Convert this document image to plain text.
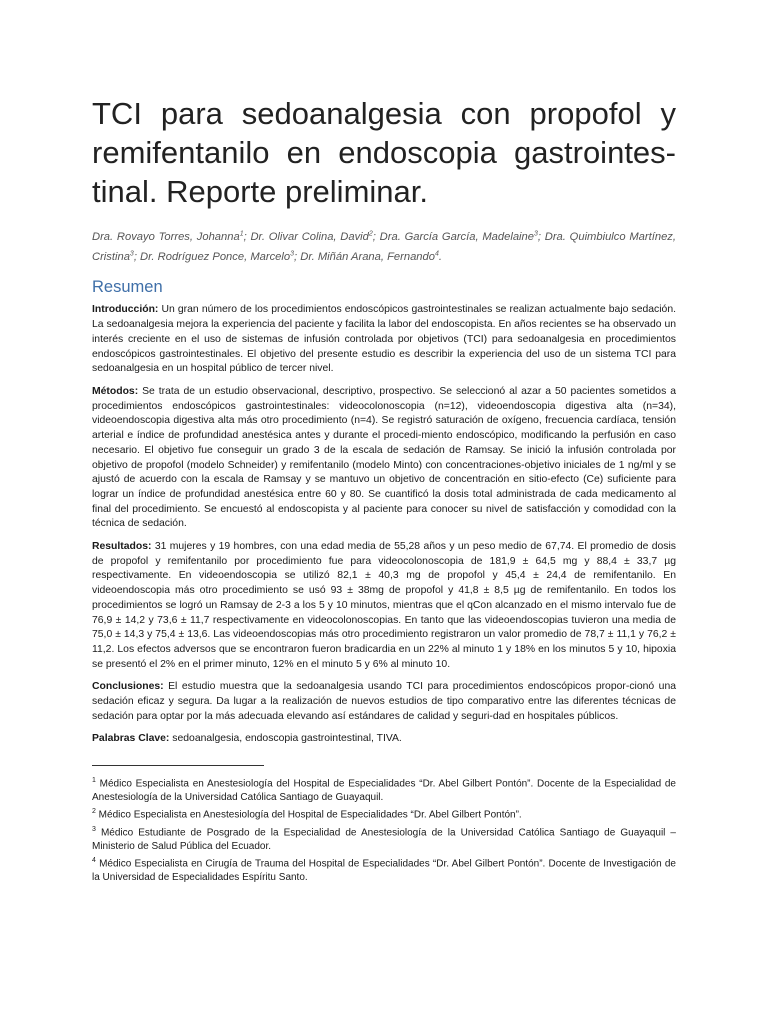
TCI para sedoanalgesia con propofol y remifentanilo en endoscopia gastrointes-tinal. Reporte preliminar.

Dra. Rovayo Torres, Johanna$^1$; Dr. Olivar Colina, David$^2$; Dra. García García, Madelaine$^3$; Dra. Quimbiulco Martínez, Cristina$^3$; Dr. Rodríguez Ponce, Marcelo$^3$; Dr. Miñán Arana, Fernando$^4$.

Resumen

Introducción: Un gran número de los procedimientos endoscópicos gastrointestinales se realizan actualmente bajo sedación. La sedoanalgesia mejora la experiencia del paciente y facilita la labor del endoscopista. En años recientes se ha observado un interés creciente en el uso de sistemas de infusión controlada por objetivos (TCI) para sedoanalgesia en procedimientos endoscópicos gastrointestinales. El objetivo del presente estudio es describir la experiencia del uso de un sistema TCI para sedoanalgesia en un hospital público de tercer nivel.

Métodos: Se trata de un estudio observacional, descriptivo, prospectivo. Se seleccionó al azar a 50 pacientes sometidos a procedimientos endoscópicos gastrointestinales: videocolonoscopia (n=12), videoendoscopia digestiva alta (n=34), videoendoscopia digestiva alta más otro procedimiento (n=4). Se registró saturación de oxígeno, frecuencia cardíaca, tensión arterial e índice de profundidad anestésica antes y durante el procedi-miento endoscópico, modificando la perfusión en caso necesario. El objetivo fue conseguir un grado 3 de la escala de sedación de Ramsay. Se inició la infusión controlada por objetivo de propofol (modelo Schneider) y remifentanilo (modelo Minto) con concentraciones-objetivo iniciales de 1 ng/ml y se ajustó de acuerdo con la escala de Ramsay y se mantuvo un objetivo de concentración en sitio-efecto (Ce) suficiente para lograr un índice de profundidad anestésica entre 60 y 80. Se cuantificó la dosis total administrada de cada medicamento al final del procedimiento. Se encuestó al endoscopista y al paciente para conocer su nivel de satisfacción y comodidad con la técnica de sedación.

Resultados: 31 mujeres y 19 hombres, con una edad media de 55,28 años y un peso medio de 67,74. El promedio de dosis de propofol y remifentanilo por procedimiento fue para videocolonoscopia de 181,9 ± 64,5 mg y 88,4 ± 33,7 µg respectivamente. En videoendoscopia se utilizó 82,1 ± 40,3 mg de propofol y 45,4 ± 24,4 de remifentanilo. En videoendoscopia más otro procedimiento se usó 93 ± 38mg de propofol y 41,8 ± 8,5 µg de remifentanilo. En todos los procedimientos se logró un Ramsay de 2-3 a los 5 y 10 minutos, mientras que el qCon alcanzado en el mismo intervalo fue de 76,9 ± 14,2 y 73,6 ± 11,7 respectivamente en videocolonoscopias. En tanto que las videoendoscopias tuvieron una media de 75,0 ± 14,3 y 75,4 ± 13,6. Las videoendoscopias más otro procedimiento registraron un valor promedio de 78,7 ± 11,1 y 76,2 ± 11,2. Los efectos adversos que se encontraron fueron bradicardia en un 22% al minuto 1 y 18% en los minutos 5 y 10, hipoxia se presentó el 2% en el primer minuto, 12% en el minuto 5 y 6% al minuto 10.

Conclusiones: El estudio muestra que la sedoanalgesia usando TCI para procedimientos endoscópicos propor-cionó una sedación eficaz y segura. Da lugar a la realización de nuevos estudios de tipo comparativo entre las diferentes técnicas de sedación para optar por la más adecuada elevando así estándares de calidad y seguri-dad en hospitales públicos.

Palabras Clave: sedoanalgesia, endoscopia gastrointestinal, TIVA.

$^1$ Médico Especialista en Anestesiología del Hospital de Especialidades “Dr. Abel Gilbert Pontón”. Docente de la Especialidad de Anestesiología de la Universidad Católica Santiago de Guayaquil.

$^2$ Médico Especialista en Anestesiología del Hospital de Especialidades “Dr. Abel Gilbert Pontón”.

$^3$ Médico Estudiante de Posgrado de la Especialidad de Anestesiología de la Universidad Católica Santiago de Guayaquil – Ministerio de Salud Pública del Ecuador.

$^4$ Médico Especialista en Cirugía de Trauma del Hospital de Especialidades “Dr. Abel Gilbert Pontón”. Docente de Investigación de la Universidad de Especialidades Espíritu Santo.
